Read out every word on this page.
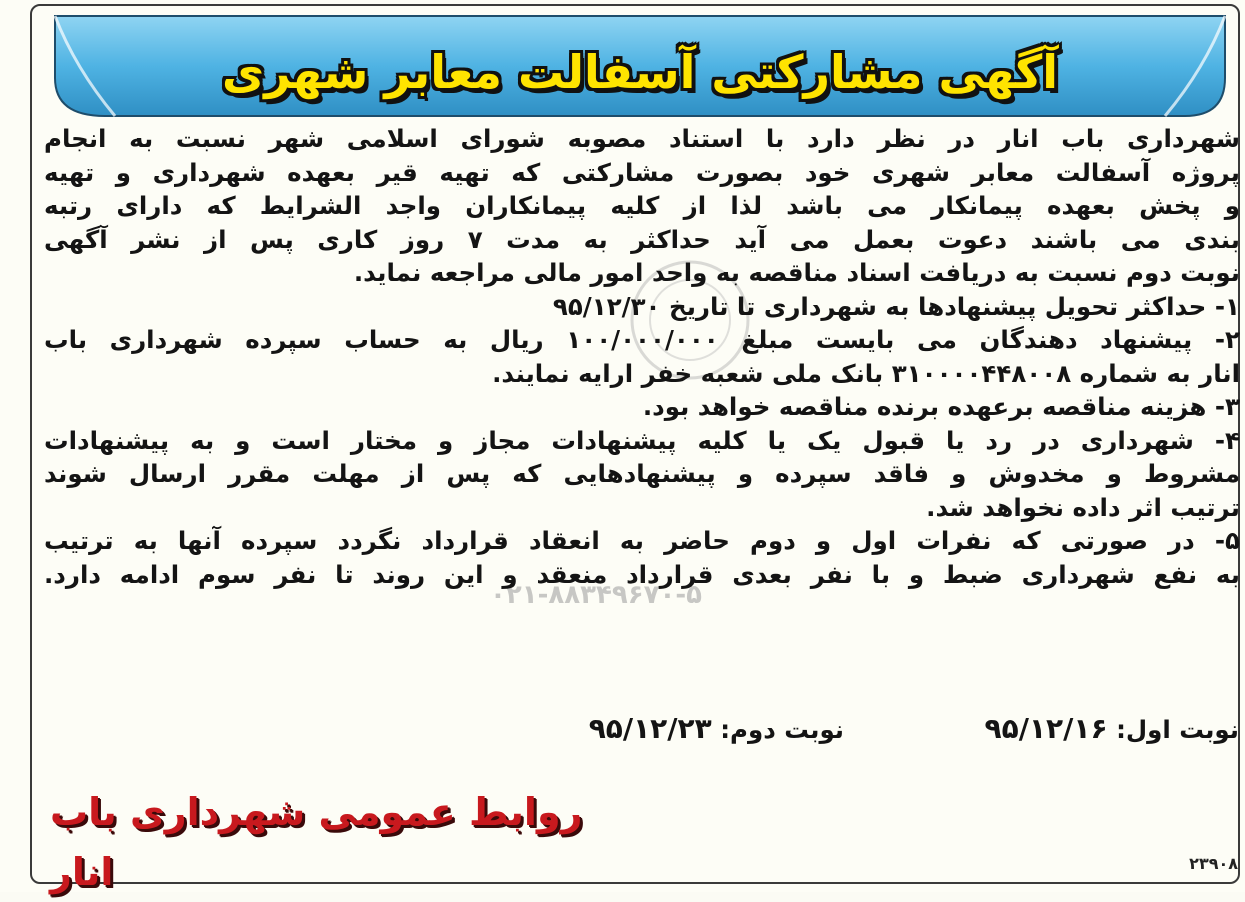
آگهی مشارکتی آسفالت معابر شهری
۰۲۱-۸۸۳۴۹۶۷۰-۵

شهرداری باب انار در نظر دارد با استناد مصوبه شورای اسلامی شهر نسبت به انجام

پروژه آسفالت معابر شهری خود بصورت مشارکتی که تهیه قیر بعهده شهرداری و تهیه

و پخش بعهده پیمانکار می باشد لذا از کلیه پیمانکاران واجد الشرایط که دارای رتبه

بندی می باشند دعوت بعمل می آید حداکثر به مدت ۷ روز کاری پس از نشر آگهی

نوبت دوم نسبت به دریافت اسناد مناقصه به واحد امور مالی مراجعه نماید.

۱- حداکثر تحویل پیشنهادها به شهرداری تا تاریخ ۹۵/۱۲/۳۰

۲- پیشنهاد دهندگان می بایست مبلغ ۱۰۰/۰۰۰/۰۰۰ ریال به حساب سپرده شهرداری باب

انار به شماره ۳۱۰۰۰۰۴۴۸۰۰۸ بانک ملی شعبه خفر ارایه نمایند.

۳- هزینه مناقصه برعهده برنده مناقصه خواهد بود.

۴- شهرداری در رد یا قبول یک یا کلیه پیشنهادات مجاز و مختار است و به پیشنهادات

مشروط و مخدوش و فاقد سپرده و پیشنهادهایی که پس از مهلت مقرر ارسال شوند

ترتیب اثر داده نخواهد شد.

۵- در صورتی که نفرات اول و دوم حاضر به انعقاد قرارداد نگردد سپرده آنها به ترتیب

به نفع شهرداری ضبط و با نفر بعدی قرارداد منعقد و این روند تا نفر سوم ادامه دارد.

نوبت اول: ۹۵/۱۲/۱۶
نوبت دوم: ۹۵/۱۲/۲۳
روابط عمومی شهرداری باب انار	۲۳۹۰۸
